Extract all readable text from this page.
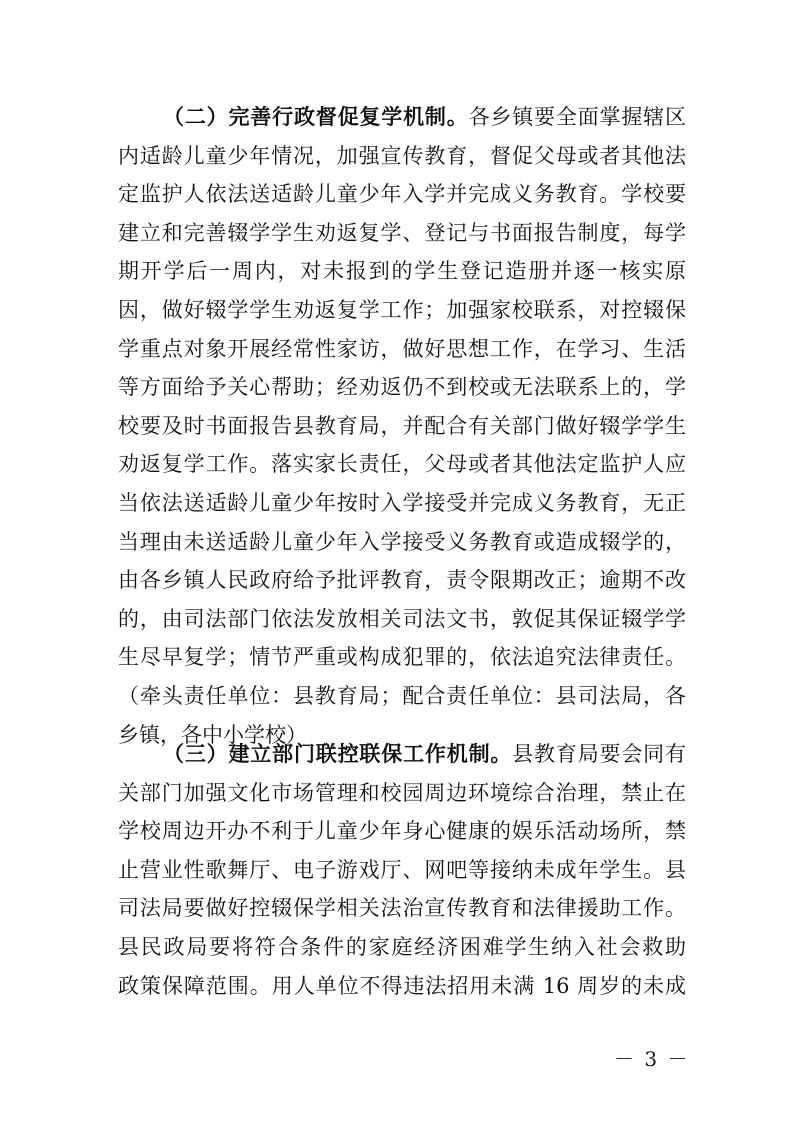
（二）完善行政督促复学机制。各乡镇要全面掌握辖区
内适龄儿童少年情况，加强宣传教育，督促父母或者其他法
定监护人依法送适龄儿童少年入学并完成义务教育。学校要
建立和完善辍学学生劝返复学、登记与书面报告制度，每学
期开学后一周内，对未报到的学生登记造册并逐一核实原
因，做好辍学学生劝返复学工作；加强家校联系，对控辍保
学重点对象开展经常性家访，做好思想工作，在学习、生活
等方面给予关心帮助；经劝返仍不到校或无法联系上的，学
校要及时书面报告县教育局，并配合有关部门做好辍学学生
劝返复学工作。落实家长责任，父母或者其他法定监护人应
当依法送适龄儿童少年按时入学接受并完成义务教育，无正
当理由未送适龄儿童少年入学接受义务教育或造成辍学的，
由各乡镇人民政府给予批评教育，责令限期改正；逾期不改
的，由司法部门依法发放相关司法文书，敦促其保证辍学学
生尽早复学；情节严重或构成犯罪的，依法追究法律责任。
（牵头责任单位：县教育局；配合责任单位：县司法局，各
乡镇，各中小学校）
（三）建立部门联控联保工作机制。县教育局要会同有
关部门加强文化市场管理和校园周边环境综合治理，禁止在
学校周边开办不利于儿童少年身心健康的娱乐活动场所，禁
止营业性歌舞厅、电子游戏厅、网吧等接纳未成年学生。县
司法局要做好控辍保学相关法治宣传教育和法律援助工作。
县民政局要将符合条件的家庭经济困难学生纳入社会救助
政策保障范围。用人单位不得违法招用未满 16 周岁的未成
－ 3 －
